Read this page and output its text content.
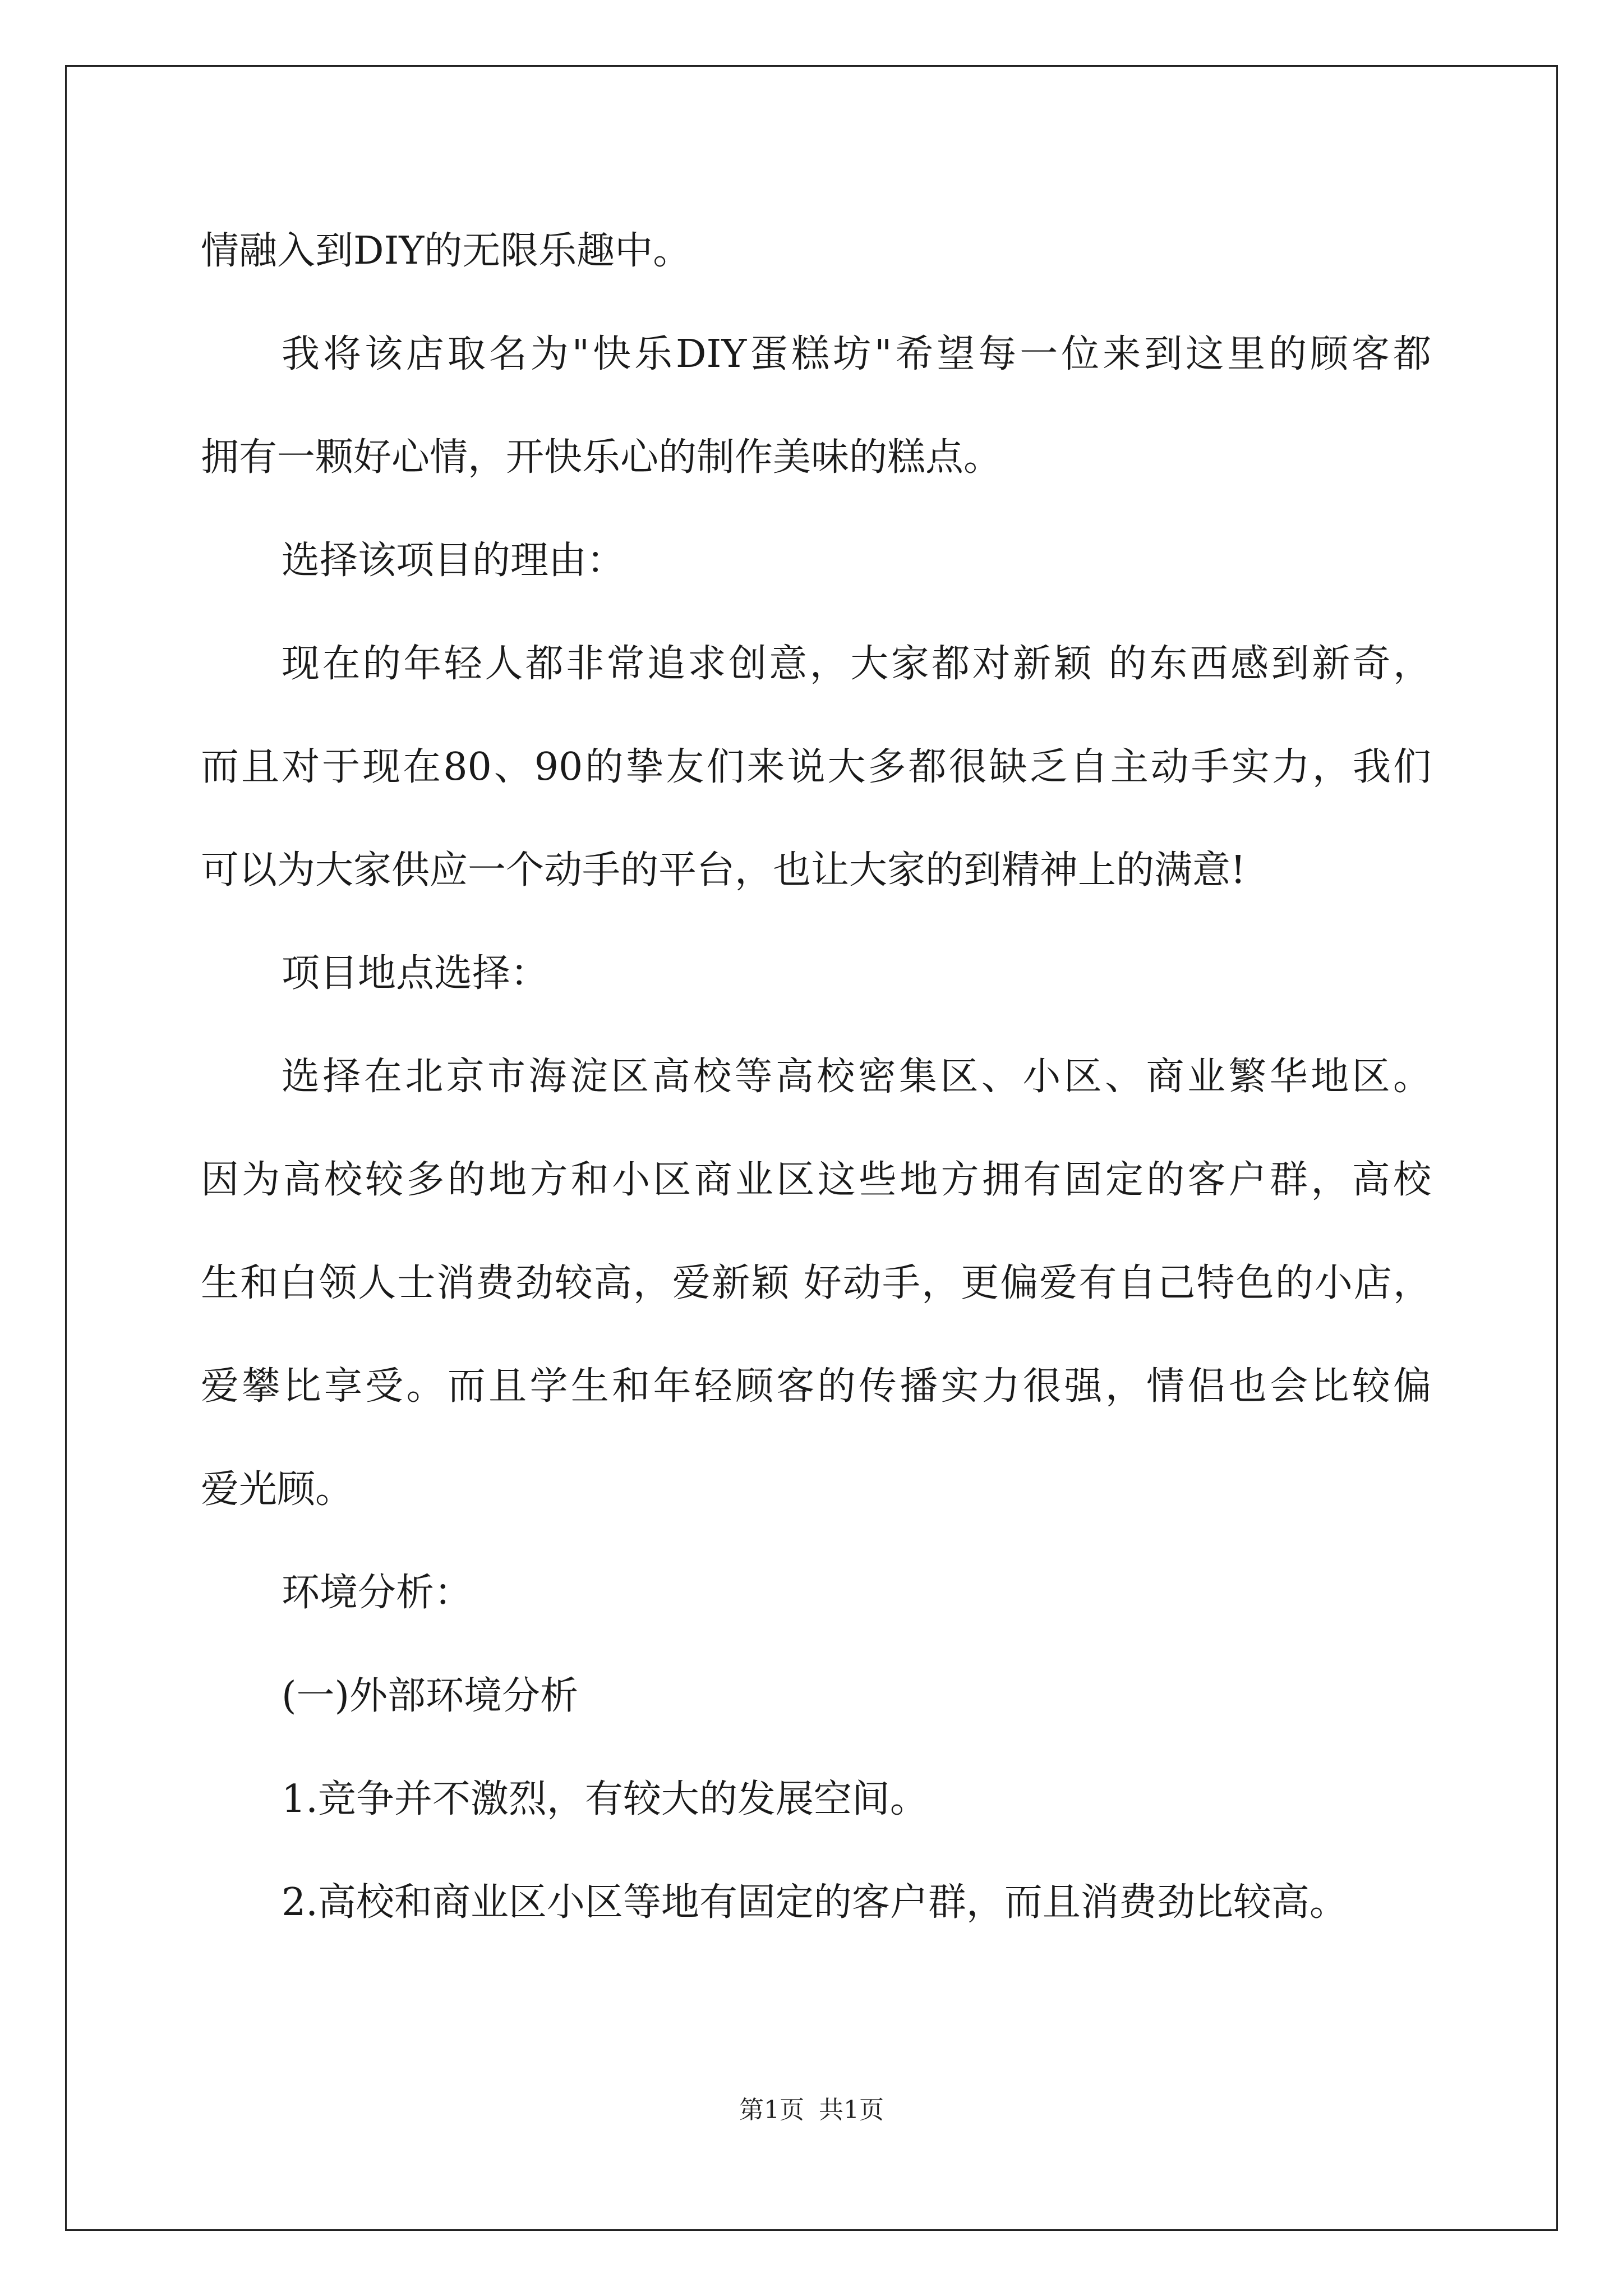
情融入到DIY的无限乐趣中。
我将该店取名为"快乐DIY蛋糕坊"希望每一位来到这里的顾客都
拥有一颗好心情，开快乐心的制作美味的糕点。
选择该项目的理由：
现在的年轻人都非常追求创意，大家都对新颖 的东西感到新奇，
而且对于现在80、90的挚友们来说大多都很缺乏自主动手实力，我们
可以为大家供应一个动手的平台，也让大家的到精神上的满意!
项目地点选择：
选择在北京市海淀区高校等高校密集区、小区、商业繁华地区。
因为高校较多的地方和小区商业区这些地方拥有固定的客户群，高校
生和白领人士消费劲较高，爱新颖 好动手，更偏爱有自己特色的小店，
爱攀比享受。而且学生和年轻顾客的传播实力很强，情侣也会比较偏
爱光顾。
环境分析：
(一)外部环境分析
1.竞争并不激烈，有较大的发展空间。
2.高校和商业区小区等地有固定的客户群，而且消费劲比较高。
第1页 共1页
